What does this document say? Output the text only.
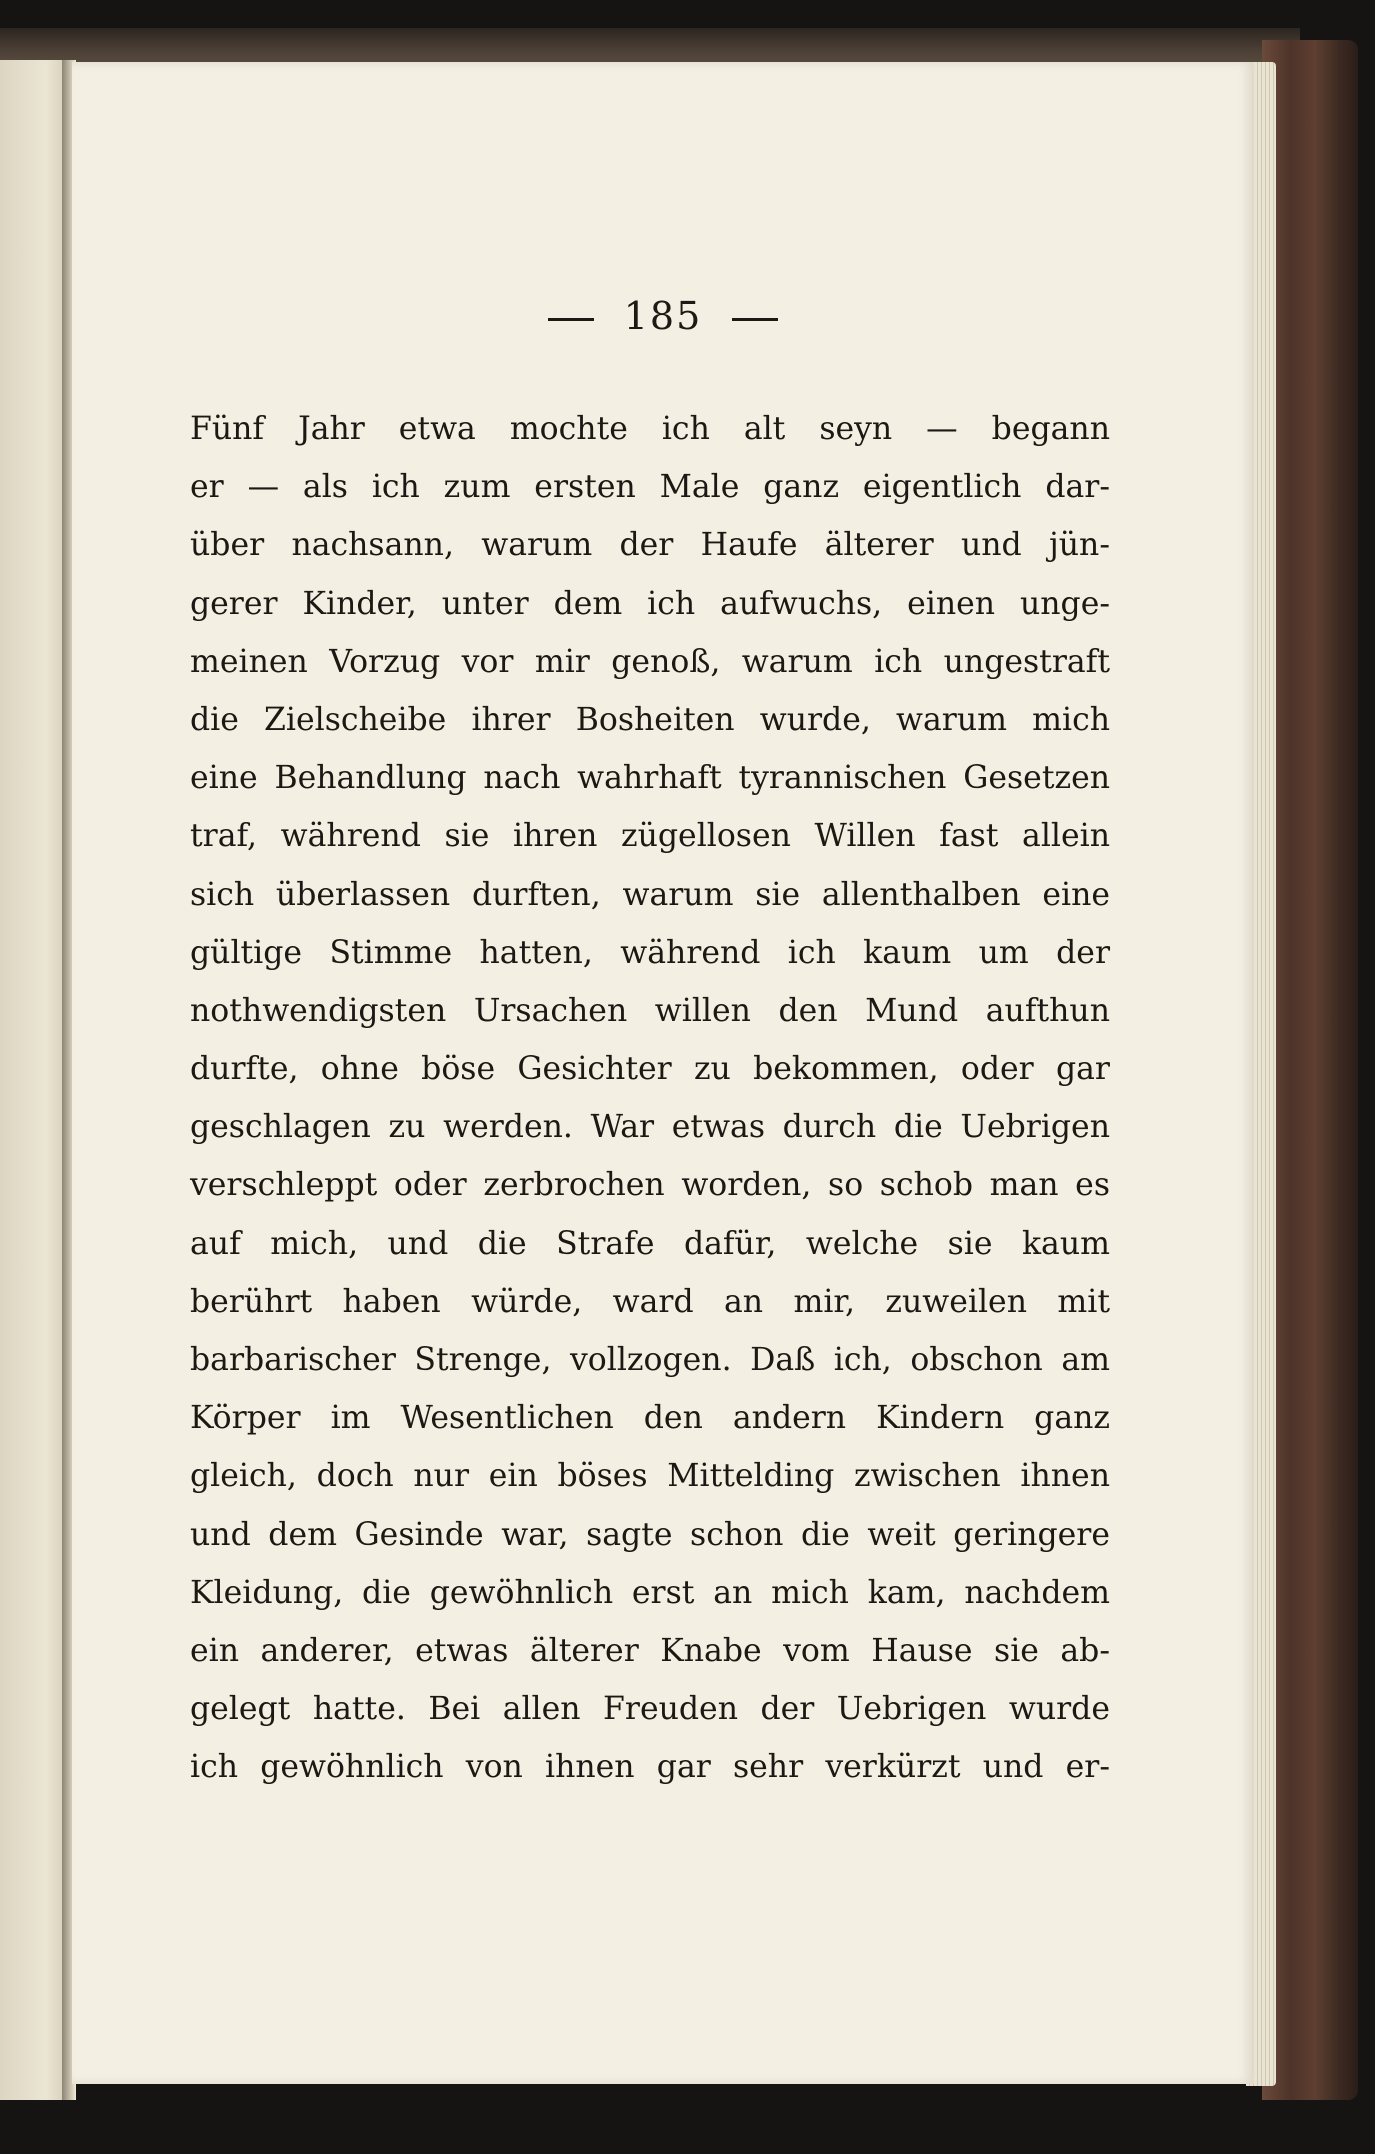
185
Fünf Jahr etwa mochte ich alt seyn — begann
er — als ich zum ersten Male ganz eigentlich dar-
über nachsann, warum der Haufe älterer und jün-
gerer Kinder, unter dem ich aufwuchs, einen unge-
meinen Vorzug vor mir genoß, warum ich ungestraft
die Zielscheibe ihrer Bosheiten wurde, warum mich
eine Behandlung nach wahrhaft tyrannischen Gesetzen
traf, während sie ihren zügellosen Willen fast allein
sich überlassen durften, warum sie allenthalben eine
gültige Stimme hatten, während ich kaum um der
nothwendigsten Ursachen willen den Mund aufthun
durfte, ohne böse Gesichter zu bekommen, oder gar
geschlagen zu werden. War etwas durch die Uebrigen
verschleppt oder zerbrochen worden, so schob man es
auf mich, und die Strafe dafür, welche sie kaum
berührt haben würde, ward an mir, zuweilen mit
barbarischer Strenge, vollzogen. Daß ich, obschon am
Körper im Wesentlichen den andern Kindern ganz
gleich, doch nur ein böses Mittelding zwischen ihnen
und dem Gesinde war, sagte schon die weit geringere
Kleidung, die gewöhnlich erst an mich kam, nachdem
ein anderer, etwas älterer Knabe vom Hause sie ab-
gelegt hatte. Bei allen Freuden der Uebrigen wurde
ich gewöhnlich von ihnen gar sehr verkürzt und er-
